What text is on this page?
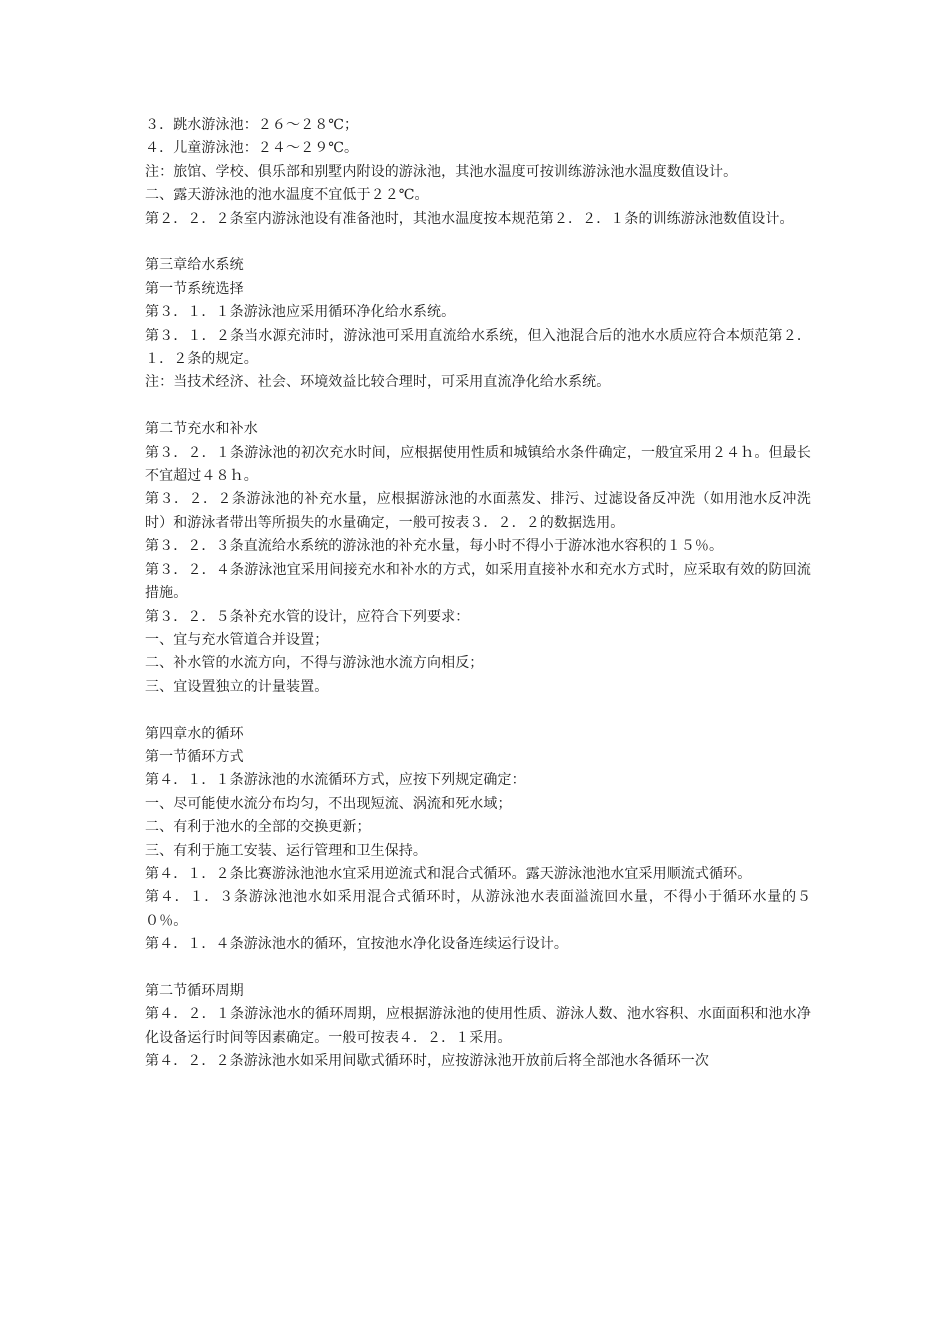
３．跳水游泳池：２６～２８℃；

４．儿童游泳池：２４～２９℃。

注：旅馆、学校、俱乐部和别墅内附设的游泳池，其池水温度可按训练游泳池水温度数值设计。

二、露天游泳池的池水温度不宜低于２２℃。

第２．２．２条室内游泳池设有准备池时，其池水温度按本规范第２．２．１条的训练游泳池数值设计。

第三章给水系统

第一节系统选择

第３．１．１条游泳池应采用循环净化给水系统。

第３．１．２条当水源充沛时，游泳池可采用直流给水系统，但入池混合后的池水水质应符合本烦范第２．１．２条的规定。

注：当技术经济、社会、环境效益比较合理时，可采用直流净化给水系统。

第二节充水和补水

第３．２．１条游泳池的初次充水时间，应根据使用性质和城镇给水条件确定，一般宜采用２４ｈ。但最长不宜超过４８ｈ。

第３．２．２条游泳池的补充水量，应根据游泳池的水面蒸发、排污、过滤设备反冲洗（如用池水反冲洗时）和游泳者带出等所损失的水量确定，一般可按表３．２．２的数据选用。

第３．２．３条直流给水系统的游泳池的补充水量，每小时不得小于游冰池水容积的１５％。

第３．２．４条游泳池宜采用间接充水和补水的方式，如采用直接补水和充水方式时，应采取有效的防回流措施。

第３．２．５条补充水管的设计，应符合下列要求：

一、宜与充水管道合并设置；

二、补水管的水流方向，不得与游泳池水流方向相反；

三、宜设置独立的计量装置。

第四章水的循环

第一节循环方式

第４．１．１条游泳池的水流循环方式，应按下列规定确定：

一、尽可能使水流分布均匀，不出现短流、涡流和死水域；

二、有利于池水的全部的交换更新；

三、有利于施工安装、运行管理和卫生保持。

第４．１．２条比赛游泳池池水宜采用逆流式和混合式循环。露天游泳池池水宜采用顺流式循环。

第４．１．３条游泳池池水如采用混合式循环时，从游泳池水表面溢流回水量，不得小于循环水量的５０％。

第４．１．４条游泳池水的循环，宜按池水净化设备连续运行设计。

第二节循环周期

第４．２．１条游泳池水的循环周期，应根据游泳池的使用性质、游泳人数、池水容积、水面面积和池水净化设备运行时间等因素确定。一般可按表４．２．１采用。

第４．２．２条游泳池水如采用间歇式循环时，应按游泳池开放前后将全部池水各循环一次
